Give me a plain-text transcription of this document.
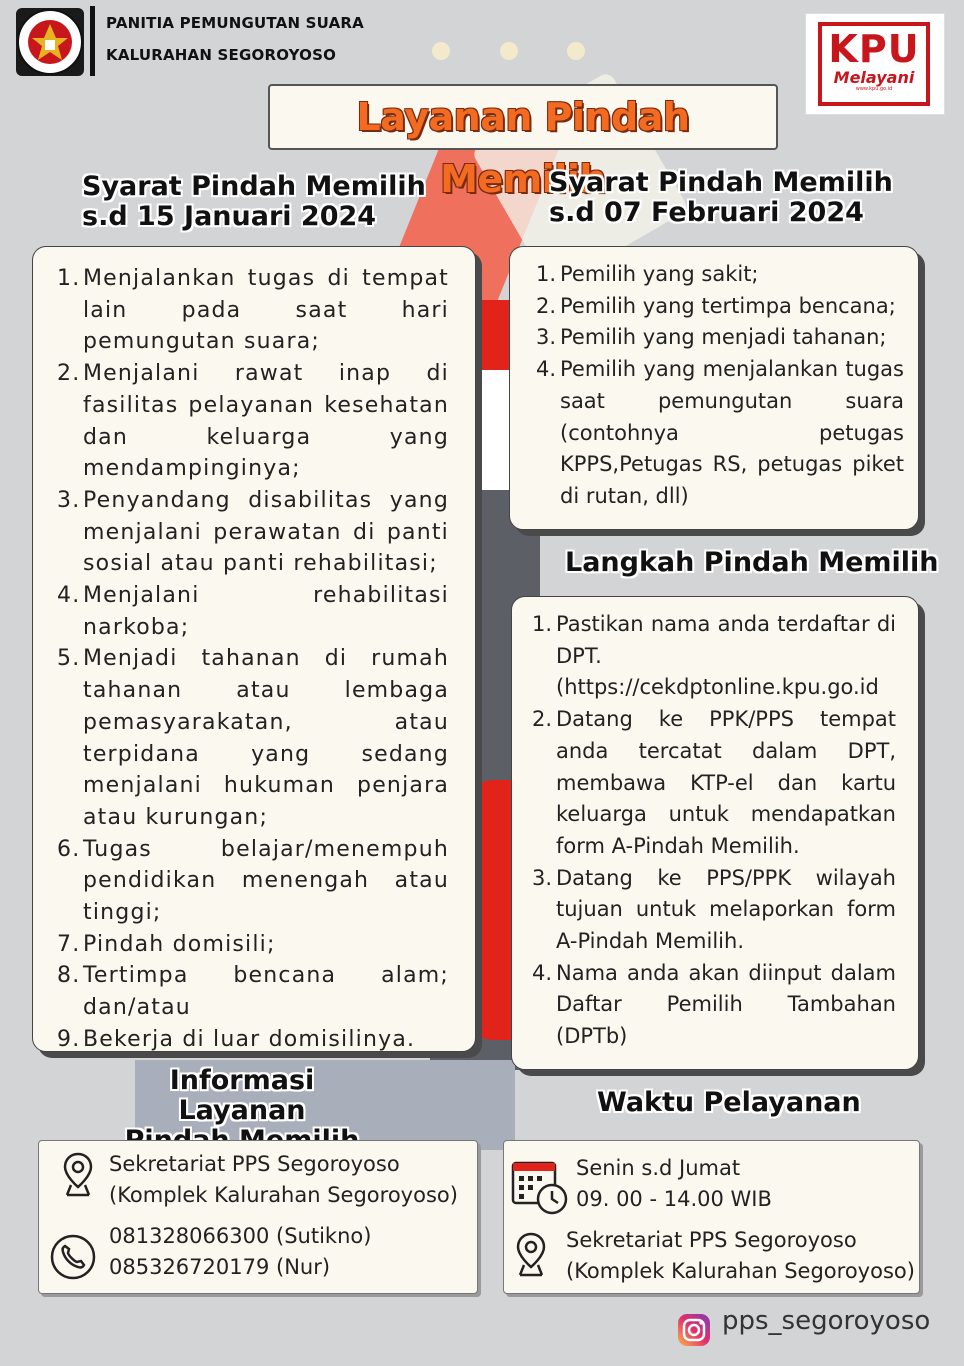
PANITIA PEMUNGUTAN SUARA
KALURAHAN SEGOROYOSO	KPU
Melayani
www.kpu.go.id
Layanan Pindah Memilih
Syarat Pindah Memilih
s.d 15 Januari 2024
Syarat Pindah Memilih
s.d 07 Februari 2024
1. Menjalankan tugas di tempat lain pada saat hari pemungutan suara;
2. Menjalani rawat inap di fasilitas pelayanan kesehatan dan keluarga yang mendampinginya;
3. Penyandang disabilitas yang menjalani perawatan di panti sosial atau panti rehabilitasi;
4. Menjalani rehabilitasi narkoba;
5. Menjadi tahanan di rumah tahanan atau lembaga pemasyarakatan, atau terpidana yang sedang menjalani hukuman penjara atau kurungan;
6. Tugas belajar/menempuh pendidikan menengah atau tinggi;
7. Pindah domisili;
8. Tertimpa bencana alam; dan/atau
9. Bekerja di luar domisilinya.
1. Pemilih yang sakit;
2. Pemilih yang tertimpa bencana;
3. Pemilih yang menjadi tahanan;
4. Pemilih yang menjalankan tugas saat pemungutan suara (contohnya petugas KPPS,Petugas RS, petugas piket di rutan, dll)
Langkah Pindah Memilih
1. Pastikan nama anda terdaftar di DPT.
(https://cekdptonline.kpu.go.id
2. Datang ke PPK/PPS tempat anda tercatat dalam DPT, membawa KTP-el dan kartu keluarga untuk mendapatkan form A-Pindah Memilih.
3. Datang ke PPS/PPK wilayah tujuan untuk melaporkan form A-Pindah Memilih.
4. Nama anda akan diinput dalam Daftar Pemilih Tambahan (DPTb)
Informasi Layanan	Waktu Pelayanan
Sekretariat PPS Segoroyoso
(Komplek Kalurahan Segoroyoso)
081328066300 (Sutikno)
085326720179 (Nur)
Senin s.d Jumat
09. 00 - 14.00 WIB
Sekretariat PPS Segoroyoso
(Komplek Kalurahan Segoroyoso)
pps_segoroyoso
